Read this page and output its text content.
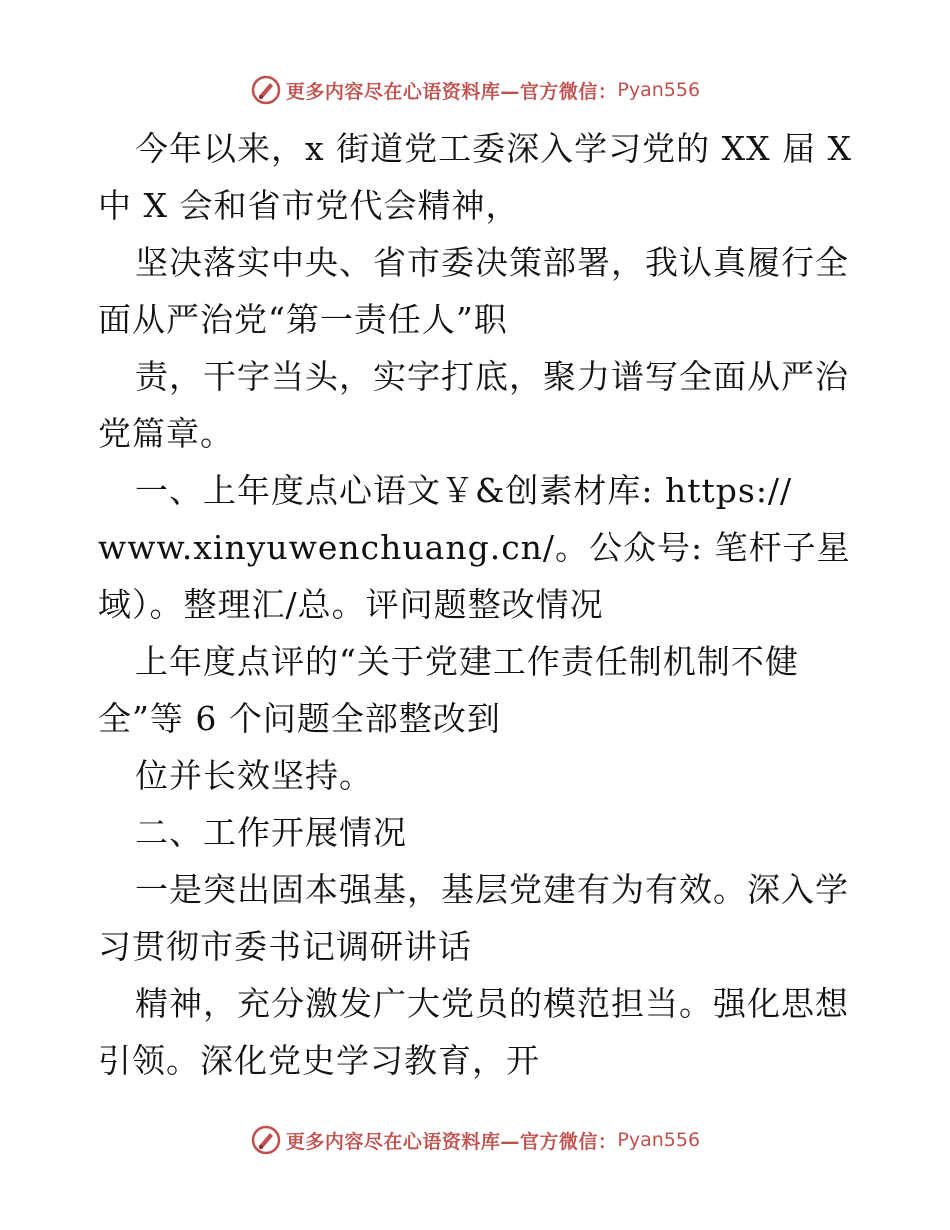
更多内容尽在心语资料库—官方微信： Pyan556
今年以来，x 街道党工委深入学习党的 XX 届 X
中 X 会和省市党代会精神，
坚决落实中央、省市委决策部署，我认真履行全
面从严治党“第一责任人”职
责，干字当头，实字打底，聚力谱写全面从严治
党篇章。
一、上年度点心语文￥&创素材库: https://
www.xinyuwenchuang.cn/。公众号: 笔杆子星
域）。整理汇/总。评问题整改情况
上年度点评的“关于党建工作责任制机制不健
全”等 6 个问题全部整改到
位并长效坚持。
二、工作开展情况
一是突出固本强基，基层党建有为有效。深入学
习贯彻市委书记调研讲话
精神，充分激发广大党员的模范担当。强化思想
引领。深化党史学习教育，开
更多内容尽在心语资料库—官方微信： Pyan556
